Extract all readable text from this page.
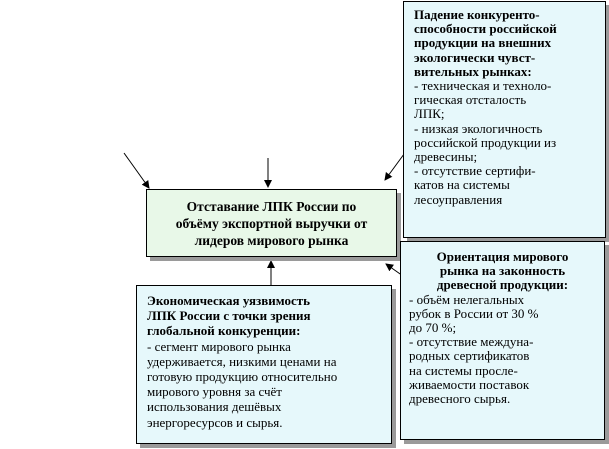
Отставание ЛПК России по
объёму экспортной выручки от
лидеров мирового рынка
Падение конкуренто-
способности российской
продукции на внешних
экологически чувст-
вительных рынках:
- техническая и техноло-
гическая отсталость
ЛПК;
- низкая экологичность
российской продукции из
древесины;
- отсутствие сертифи-
катов на системы
лесоуправления
Ориентация мирового
рынка на законность
древесной продукции:
- объём нелегальных
рубок в России от 30 %
до 70 %;
- отсутствие междуна-
родных сертификатов
на системы просле-
живаемости поставок
древесного сырья.
Экономическая уязвимость
ЛПК России с точки зрения
глобальной конкуренции:
- сегмент мирового рынка
удерживается, низкими ценами на
готовую продукцию относительно
мирового уровня за счёт
использования дешёвых
энергоресурсов и сырья.
